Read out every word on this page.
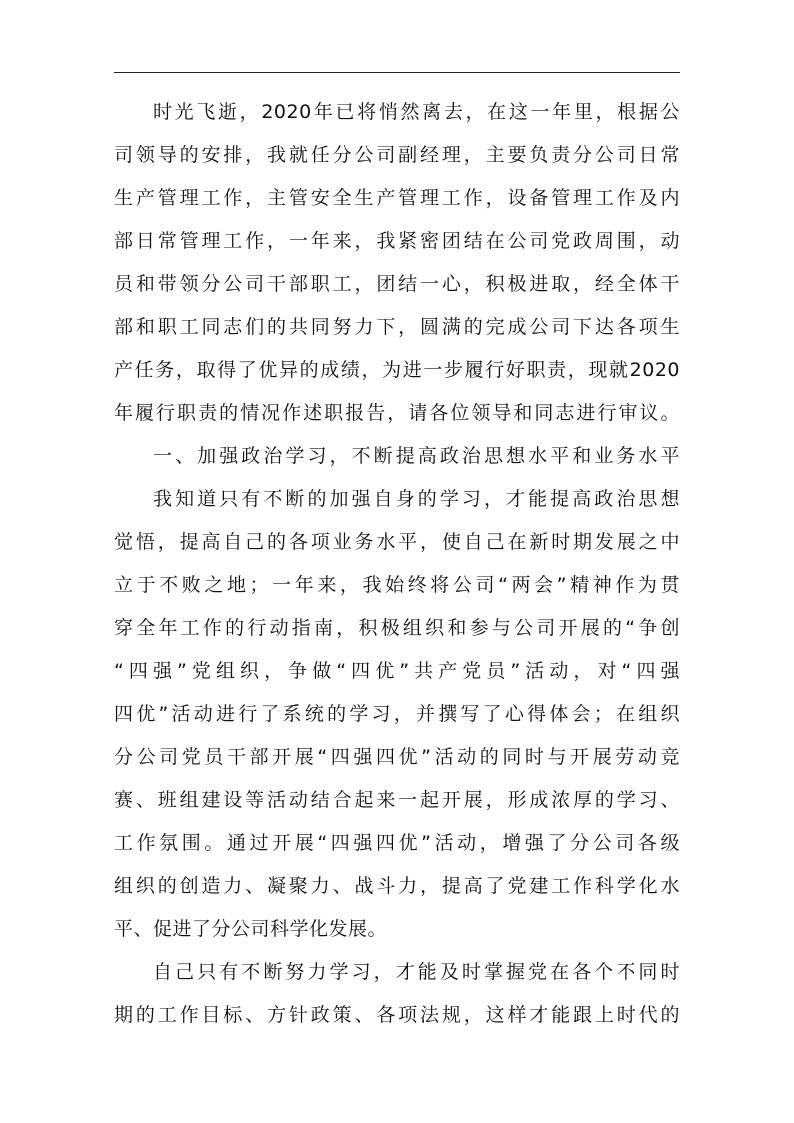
时光飞逝，2020年已将悄然离去，在这一年里，根据公
司领导的安排，我就任分公司副经理，主要负责分公司日常
生产管理工作，主管安全生产管理工作，设备管理工作及内
部日常管理工作，一年来，我紧密团结在公司党政周围，动
员和带领分公司干部职工，团结一心，积极进取，经全体干
部和职工同志们的共同努力下，圆满的完成公司下达各项生
产任务，取得了优异的成绩，为进一步履行好职责，现就2020
年履行职责的情况作述职报告，请各位领导和同志进行审议。
一、加强政治学习，不断提高政治思想水平和业务水平
我知道只有不断的加强自身的学习，才能提高政治思想
觉悟，提高自己的各项业务水平，使自己在新时期发展之中
立于不败之地；一年来，我始终将公司“两会”精神作为贯
穿全年工作的行动指南，积极组织和参与公司开展的“争创
“四强”党组织，争做“四优”共产党员”活动，对“四强
四优”活动进行了系统的学习，并撰写了心得体会；在组织
分公司党员干部开展“四强四优”活动的同时与开展劳动竞
赛、班组建设等活动结合起来一起开展，形成浓厚的学习、
工作氛围。通过开展“四强四优”活动，增强了分公司各级
组织的创造力、凝聚力、战斗力，提高了党建工作科学化水
平、促进了分公司科学化发展。
自己只有不断努力学习，才能及时掌握党在各个不同时
期的工作目标、方针政策、各项法规，这样才能跟上时代的
